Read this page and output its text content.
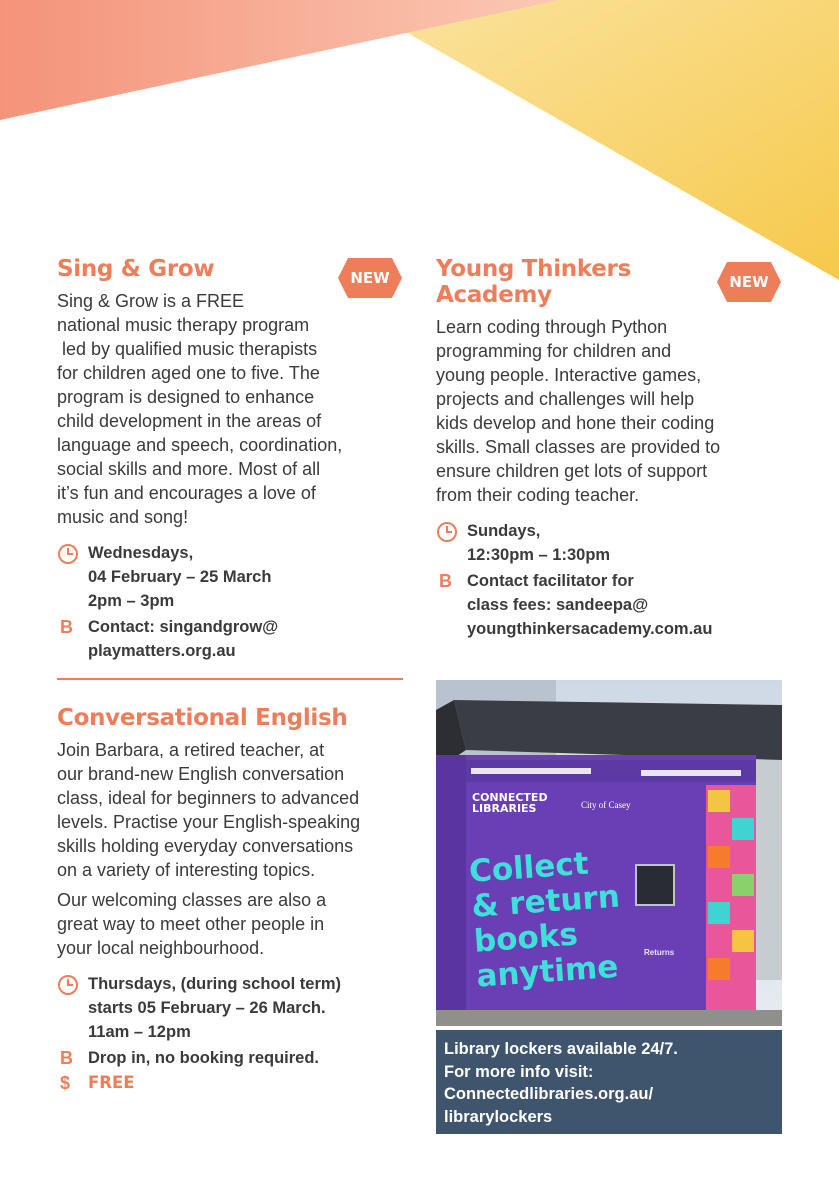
Sing & Grow

Sing & Grow is a FREE

national music therapy program

led by qualified music therapists

for children aged one to five. The

program is designed to enhance

child development in the areas of

language and speech, coordination,

social skills and more. Most of all

it’s fun and encourages a love of

music and song!

Wednesdays,
04 February – 25 March
2pm – 3pm
B Contact: singandgrow@
playmatters.org.au
NEW	Young Thinkers
Academy

Learn coding through Python

programming for children and

young people. Interactive games,

projects and challenges will help

kids develop and hone their coding

skills. Small classes are provided to

ensure children get lots of support

from their coding teacher.

Sundays,
12:30pm – 1:30pm
B Contact facilitator for
class fees: sandeepa@
youngthinkersacademy.com.au
NEW
Conversational English

Join Barbara, a retired teacher, at

our brand-new English conversation

class, ideal for beginners to advanced

levels. Practise your English-speaking

skills holding everyday conversations

on a variety of interesting topics.

Our welcoming classes are also a

great way to meet other people in

your local neighbourhood.

Thursdays, (during school term)
starts 05 February – 26 March.
11am – 12pm
B Drop in, no booking required.
$	FREE
CONNECTED
LIBRARIES	City of Casey
Collect
& return
books
anytime	Returns
Library lockers available 24/7.
For more info visit:
Connectedlibraries.org.au/
librarylockers
